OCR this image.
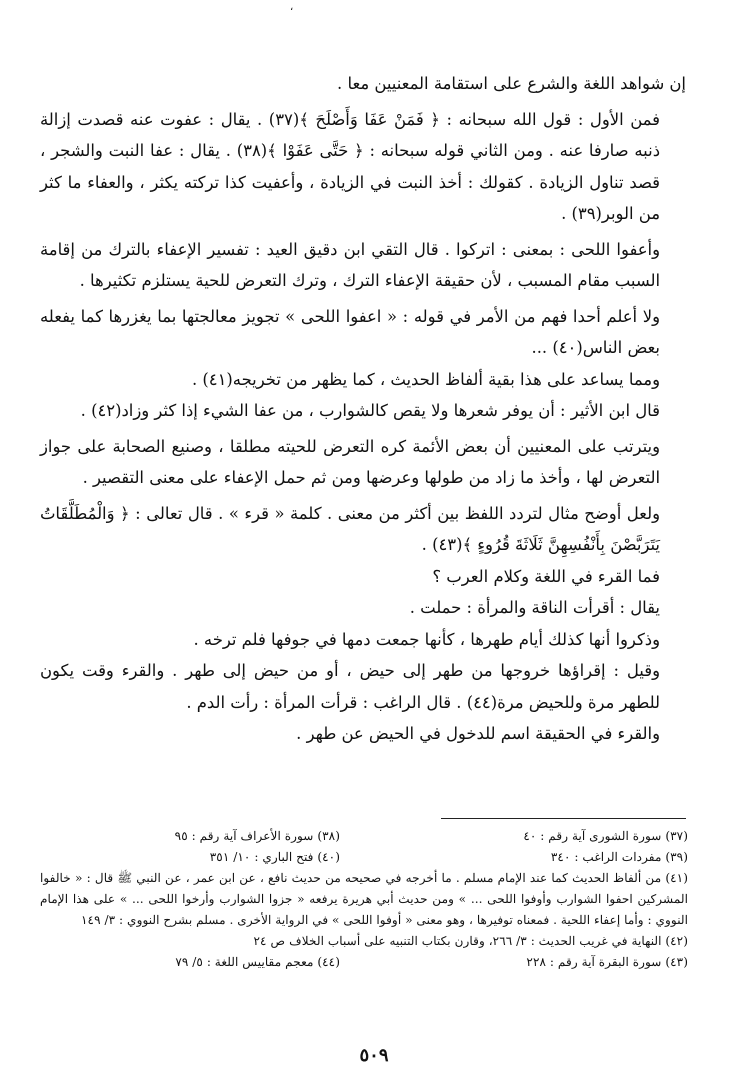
،

إن شواهد اللغة والشرع على استقامة المعنيين معا .

فمن الأول : قول الله سبحانه : ﴿ فَمَنْ عَفَا وَأَصْلَحَ ﴾(٣٧) . يقال : عفوت عنه قصدت إزالة ذنبه صارفا عنه . ومن الثاني قوله سبحانه : ﴿ حَتَّى عَفَوْا ﴾(٣٨) . يقال : عفا النبت والشجر ، قصد تناول الزيادة . كقولك : أخذ النبت في الزيادة ، وأعفيت كذا تركته يكثر ، والعفاء ما كثر من الوبر(٣٩) .

وأعفوا اللحى : بمعنى : اتركوا . قال التقي ابن دقيق العيد : تفسير الإعفاء بالترك من إقامة السبب مقام المسبب ، لأن حقيقة الإعفاء الترك ، وترك التعرض للحية يستلزم تكثيرها .

ولا أعلم أحدا فهم من الأمر في قوله : « اعفوا اللحى » تجويز معالجتها بما يغزرها كما يفعله بعض الناس(٤٠) ...

ومما يساعد على هذا بقية ألفاظ الحديث ، كما يظهر من تخريجه(٤١) .

قال ابن الأثير : أن يوفر شعرها ولا يقص كالشوارب ، من عفا الشيء إذا كثر وزاد(٤٢) .

ويترتب على المعنيين أن بعض الأئمة كره التعرض للحيته مطلقا ، وصنيع الصحابة على جواز التعرض لها ، وأخذ ما زاد من طولها وعرضها ومن ثم حمل الإعفاء على معنى التقصير .

ولعل أوضح مثال لتردد اللفظ بين أكثر من معنى . كلمة « قرء » . قال تعالى : ﴿ وَالْمُطَلَّقَاتُ يَتَرَبَّصْنَ بِأَنْفُسِهِنَّ ثَلَاثَةَ قُرُوءٍ ﴾(٤٣) .

فما القرء في اللغة وكلام العرب ؟

يقال : أقرأت الناقة والمرأة : حملت .

وذكروا أنها كذلك أيام طهرها ، كأنها جمعت دمها في جوفها فلم ترخه .

وقيل : إقراؤها خروجها من طهر إلى حيض ، أو من حيض إلى طهر . والقرء وقت يكون للطهر مرة وللحيض مرة(٤٤) . قال الراغب : قرأت المرأة : رأت الدم .

والقرء في الحقيقة اسم للدخول في الحيض عن طهر .

(٣٧) سورة الشورى آية رقم : ٤٠
(٣٨) سورة الأعراف آية رقم : ٩٥
(٣٩) مفردات الراغب : ٣٤٠
(٤٠) فتح الباري : ١٠/ ٣٥١
(٤١) من ألفاظ الحديث كما عند الإمام مسلم . ما أخرجه في صحيحه من حديث نافع ، عن ابن عمر ، عن النبي ﷺ قال : « خالفوا المشركين احفوا الشوارب وأوفوا اللحى ... » ومن حديث أبي هريرة يرفعه « جزوا الشوارب وأرخوا اللحى ... » على هذا الإمام النووي : وأما إعفاء اللحية . فمعناه توفيرها ، وهو معنى « أوفوا اللحى » في الرواية الأخرى . مسلم بشرح النووي : ٣/ ١٤٩
(٤٢) النهاية في غريب الحديث : ٣/ ٢٦٦، وقارن بكتاب التنبيه على أسباب الخلاف ص ٢٤
(٤٣) سورة البقرة آية رقم : ٢٢٨
(٤٤) معجم مقاييس اللغة : ٥/ ٧٩
٥٠٩
